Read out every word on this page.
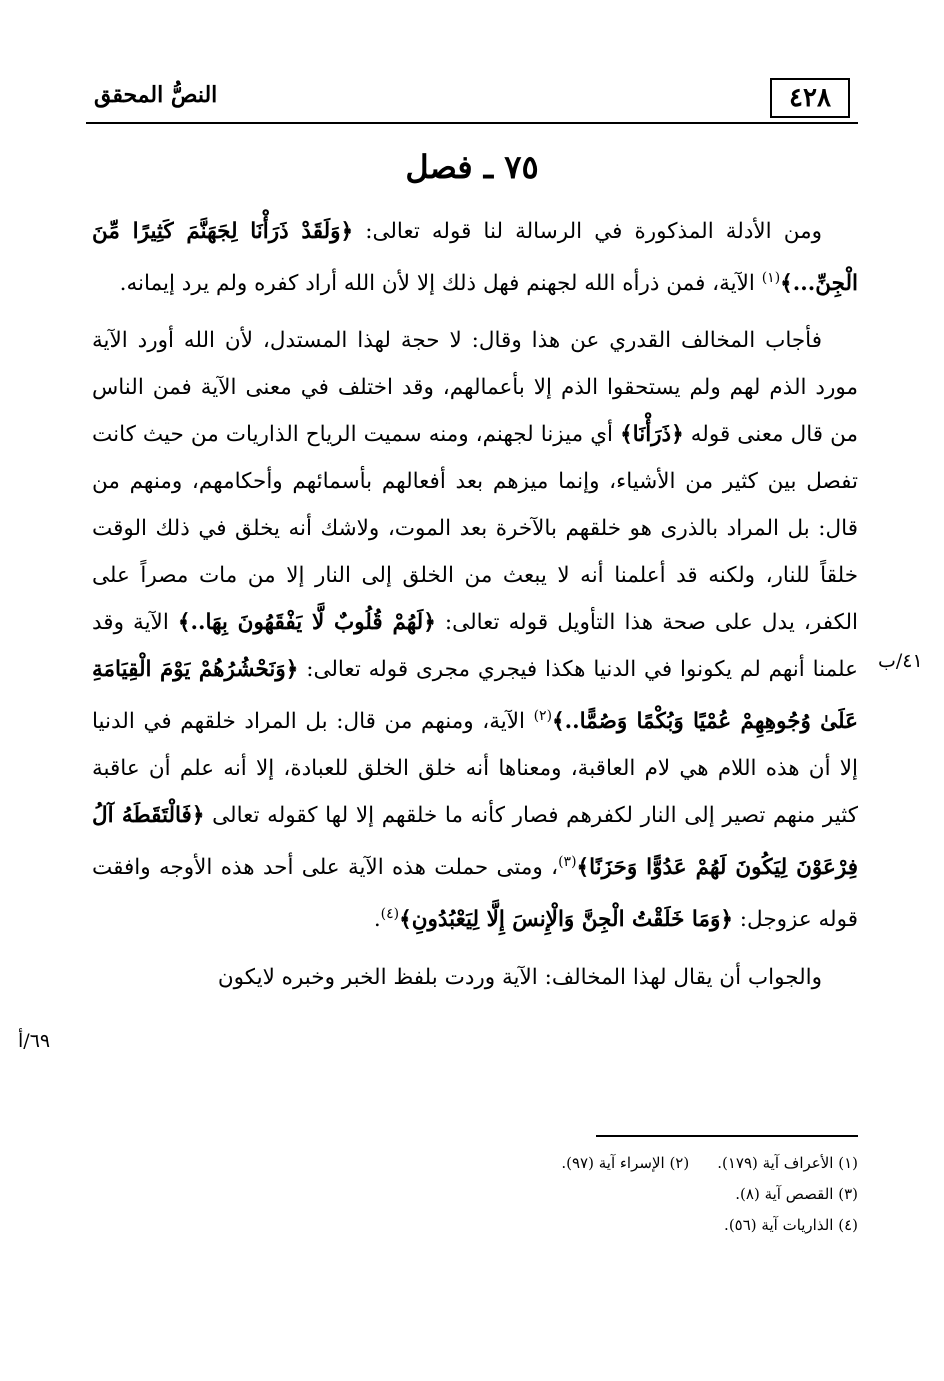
٤٢٨
النصُّ المحقق
٧٥ ـ فصل

ومن الأدلة المذكورة في الرسالة لنا قوله تعالى: ﴿وَلَقَدْ ذَرَأْنَا لِجَهَنَّمَ كَثِيرًا مِّنَ الْجِنِّ...﴾$^{(١)}$ الآية، فمن ذرأه الله لجهنم فهل ذلك إلا لأن الله أراد كفره ولم يرد إيمانه.

فأجاب المخالف القدري عن هذا وقال: لا حجة لهذا المستدل، لأن الله أورد الآية مورد الذم لهم ولم يستحقوا الذم إلا بأعمالهم، وقد اختلف في معنى الآية فمن الناس من قال معنى قوله ﴿ذَرَأْنَا﴾ أي ميزنا لجهنم، ومنه سميت الرياح الذاريات من حيث كانت تفصل بين كثير من الأشياء، وإنما ميزهم بعد أفعالهم بأسمائهم وأحكامهم، ومنهم من قال: بل المراد بالذرى هو خلقهم بالآخرة بعد الموت، ولاشك أنه يخلق في ذلك الوقت خلقاً للنار، ولكنه قد أعلمنا أنه لا يبعث من الخلق إلى النار إلا من مات مصراً على الكفر، يدل على صحة هذا التأويل قوله تعالى: ﴿لَهُمْ قُلُوبٌ لَّا يَفْقَهُونَ بِهَا..﴾ الآية وقد علمنا أنهم لم يكونوا في الدنيا هكذا فيجري مجرى قوله تعالى: ﴿وَنَحْشُرُهُمْ يَوْمَ الْقِيَامَةِ عَلَىٰ وُجُوهِهِمْ عُمْيًا وَبُكْمًا وَصُمًّا..﴾$^{(٢)}$ الآية، ومنهم من قال: بل المراد خلقهم في الدنيا إلا أن هذه اللام هي لام العاقبة، ومعناها أنه خلق الخلق للعبادة، إلا أنه علم أن عاقبة كثير منهم تصير إلى النار لكفرهم فصار كأنه ما خلقهم إلا لها كقوله تعالى ﴿فَالْتَقَطَهُ آلُ فِرْعَوْنَ لِيَكُونَ لَهُمْ عَدُوًّا وَحَزَنًا﴾$^{(٣)}$، ومتى حملت هذه الآية على أحد هذه الأوجه وافقت قوله عزوجل: ﴿وَمَا خَلَقْتُ الْجِنَّ وَالْإِنسَ إِلَّا لِيَعْبُدُونِ﴾$^{(٤)}$.

والجواب أن يقال لهذا المخالف: الآية وردت بلفظ الخبر وخبره لايكون

٤١/ب
٦٩/أ
(١) الأعراف آية (١٧٩).(٢) الإسراء آية (٩٧).
(٣) القصص آية (٨).
(٤) الذاريات آية (٥٦).
